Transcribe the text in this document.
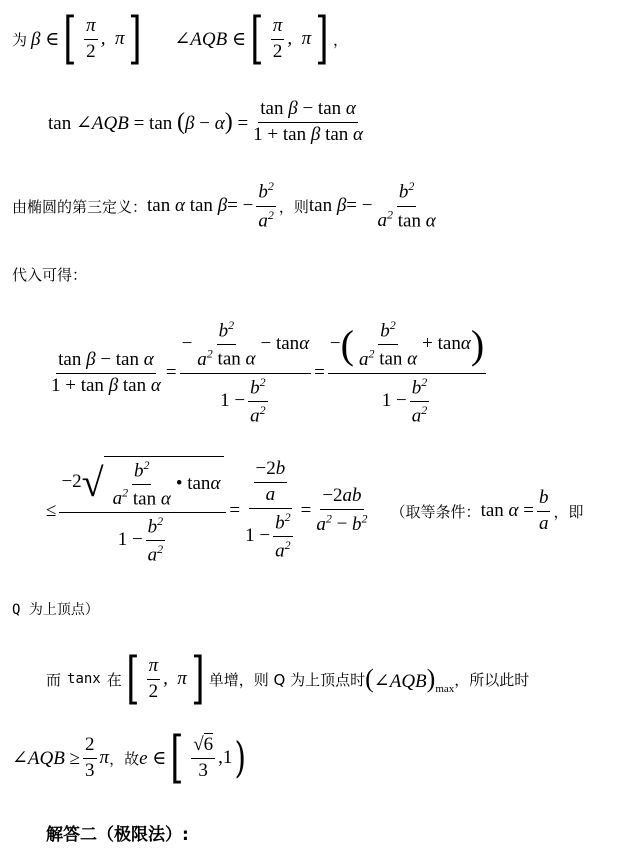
为 β ∈ [ $\frac{\pi}{2}$ ,  π ] ∠AQB ∈ [ $\frac{\pi}{2}$ ,  π ] ，
tan ∠AQB = $\tan (\beta - \alpha) = \frac{\text{tan β − tan α}}{\text{1 + tan β tan α}}$
由椭圆的第三定义： tan α $\tan \beta= - \frac{b^2}{a^2}$ ，则 $\tan \beta= - \frac{b^2}{a^2 \tan \alpha}$
代入可得：
$\frac{\text{tan β − tan α}}{\text{1 + tan β tan α}} = \frac{- \frac{b^2}{a^2 \tan \alpha} - \tan \alpha}{1 - \frac{b^2}{a^2}} = \frac{- ( \frac{b^2}{a^2 \tan \alpha} + \tan \alpha )}{1 - \frac{b^2}{a^2}}$
≤ $\frac{-2 √ \frac{b^2}{a^2 \tan \alpha} • \tan \alpha}{1 - \frac{b^2}{a^2}} = \frac{\frac{-2b}{a}}{1 - \frac{b^2}{a^2}} = \frac{-2ab}{a^2 - b^2}$ （取等条件： $\tan \alpha = \frac{b}{a}$ ，即
Q 为上顶点）
而 tanx 在 [ $\frac{\pi}{2}$ ,  π ] 单增，则 Q 为上顶点时 $(\angle AQB)_{max}$ ，所以此时
∠AQB ≥ $\frac{2}{3}$ π ，故 e ∈ [ $\frac{√6}{3} ,1$ )
解答二（极限法）:
